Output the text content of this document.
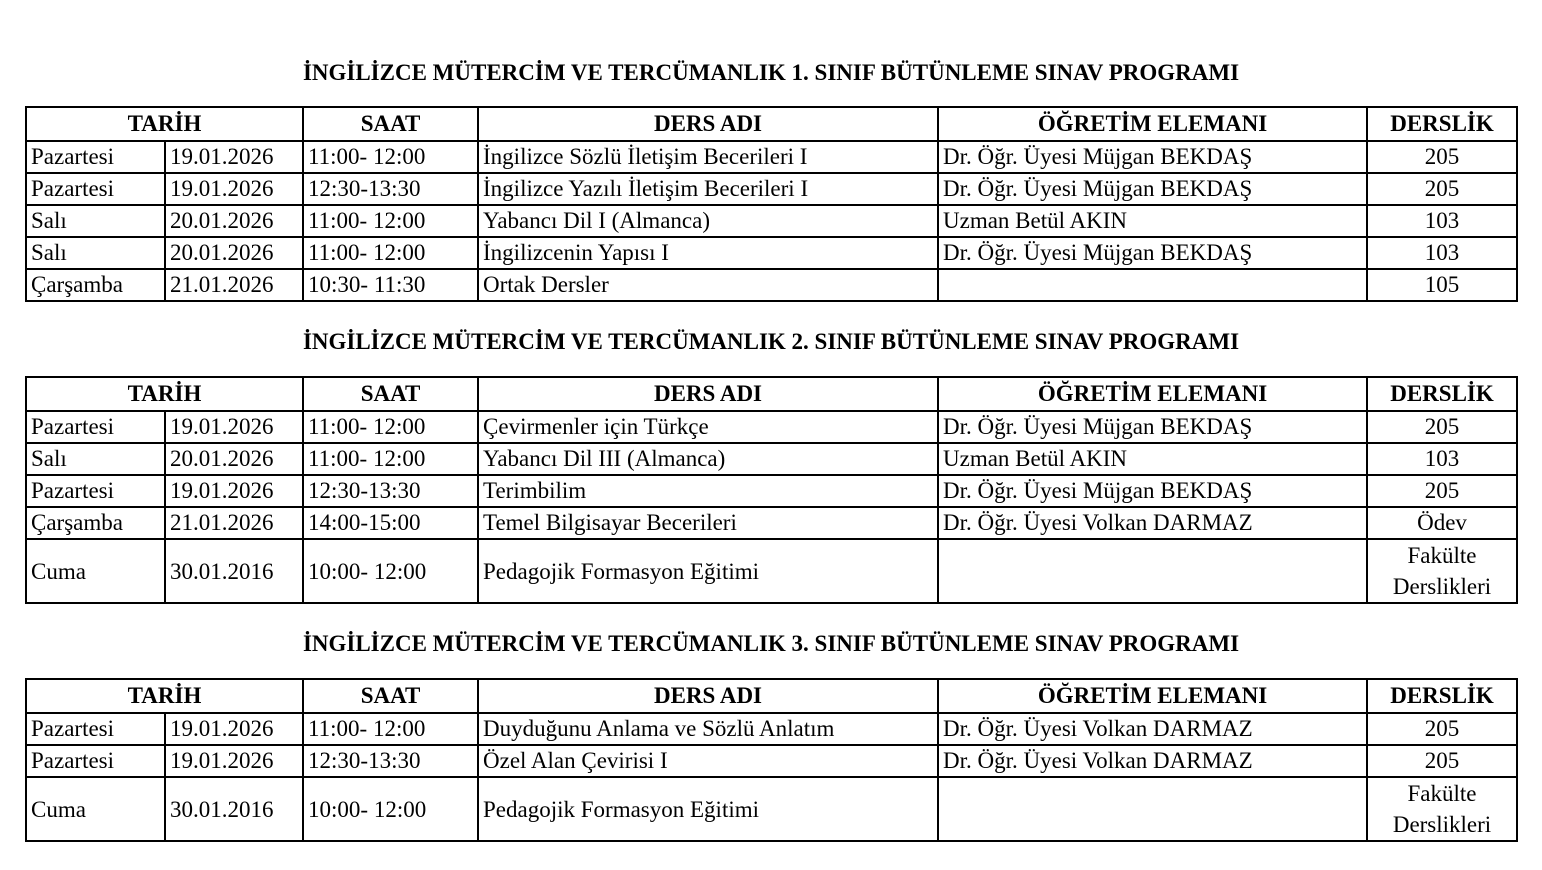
İNGİLİZCE MÜTERCİM VE TERCÜMANLIK 1. SINIF BÜTÜNLEME SINAV PROGRAMI
TARİH		SAAT	DERS ADI	ÖĞRETİM ELEMANI	DERSLİK
Pazartesi	19.01.2026	11:00- 12:00	İngilizce Sözlü İletişim Becerileri I	Dr. Öğr. Üyesi Müjgan BEKDAŞ	205
Pazartesi	19.01.2026	12:30-13:30	İngilizce Yazılı İletişim Becerileri I	Dr. Öğr. Üyesi Müjgan BEKDAŞ	205
Salı	20.01.2026	11:00- 12:00	Yabancı Dil I (Almanca)	Uzman Betül AKIN	103
Salı	20.01.2026	11:00- 12:00	İngilizcenin Yapısı I	Dr. Öğr. Üyesi Müjgan BEKDAŞ	103
Çarşamba	21.01.2026	10:30- 11:30	Ortak Dersler		105
İNGİLİZCE MÜTERCİM VE TERCÜMANLIK 2. SINIF BÜTÜNLEME SINAV PROGRAMI
TARİH		SAAT	DERS ADI	ÖĞRETİM ELEMANI	DERSLİK
Pazartesi	19.01.2026	11:00- 12:00	Çevirmenler için Türkçe	Dr. Öğr. Üyesi Müjgan BEKDAŞ	205
Salı	20.01.2026	11:00- 12:00	Yabancı Dil III (Almanca)	Uzman Betül AKIN	103
Pazartesi	19.01.2026	12:30-13:30	Terimbilim	Dr. Öğr. Üyesi Müjgan BEKDAŞ	205
Çarşamba	21.01.2026	14:00-15:00	Temel Bilgisayar Becerileri	Dr. Öğr. Üyesi Volkan DARMAZ	Ödev
Cuma	30.01.2016	10:00- 12:00	Pedagojik Formasyon Eğitimi		Fakülte Derslikleri
İNGİLİZCE MÜTERCİM VE TERCÜMANLIK 3. SINIF BÜTÜNLEME SINAV PROGRAMI
TARİH		SAAT	DERS ADI	ÖĞRETİM ELEMANI	DERSLİK
Pazartesi	19.01.2026	11:00- 12:00	Duyduğunu Anlama ve Sözlü Anlatım	Dr. Öğr. Üyesi Volkan DARMAZ	205
Pazartesi	19.01.2026	12:30-13:30	Özel Alan Çevirisi I	Dr. Öğr. Üyesi Volkan DARMAZ	205
Cuma	30.01.2016	10:00- 12:00	Pedagojik Formasyon Eğitimi		Fakülte Derslikleri
